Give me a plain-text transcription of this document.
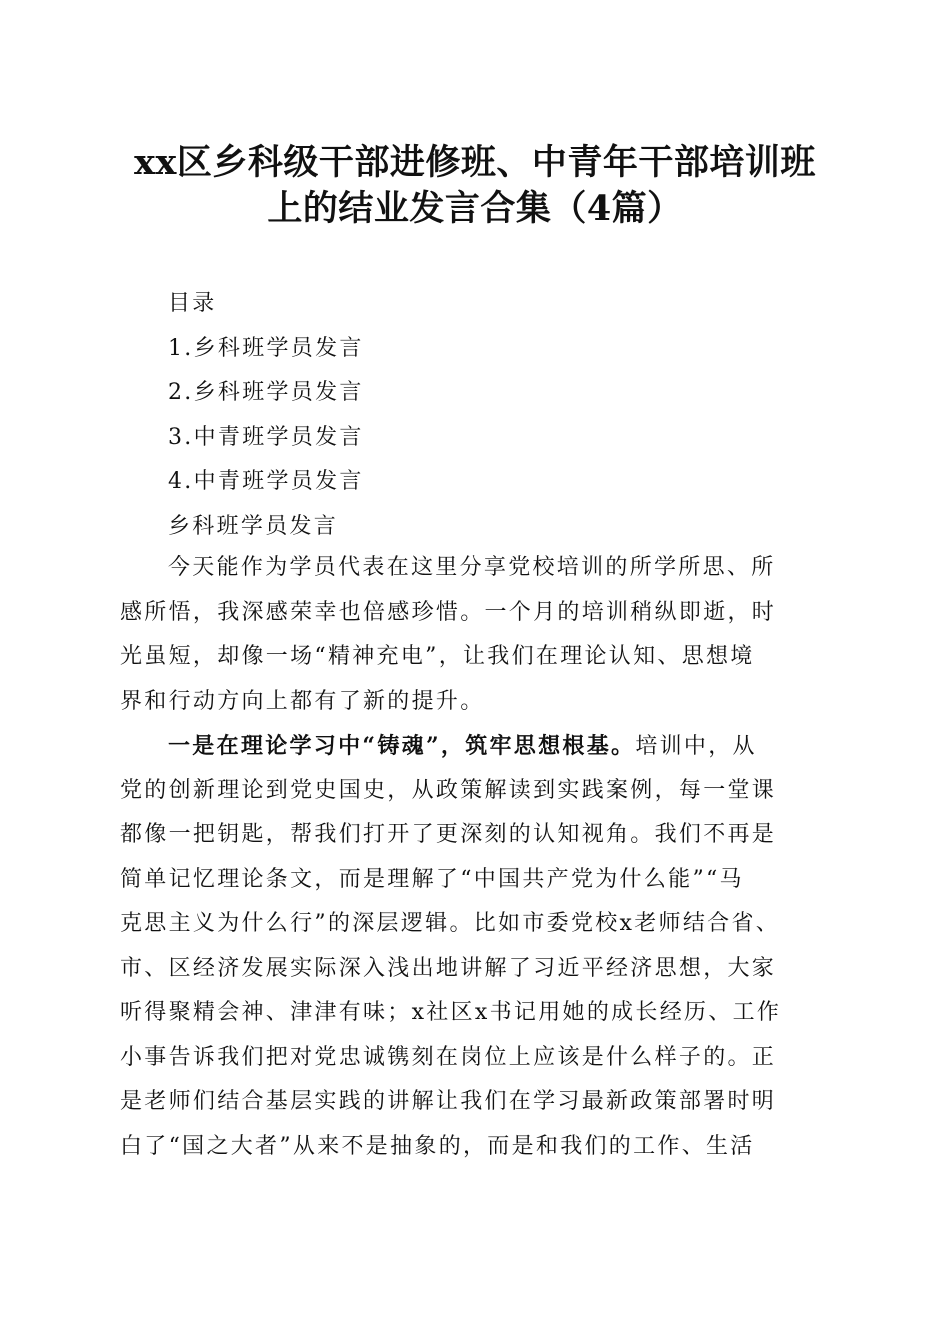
xx区乡科级干部进修班、中青年干部培训班
上的结业发言合集（4篇）
目录
1.乡科班学员发言
2.乡科班学员发言
3.中青班学员发言
4.中青班学员发言
乡科班学员发言
今天能作为学员代表在这里分享党校培训的所学所思、所
感所悟，我深感荣幸也倍感珍惜。一个月的培训稍纵即逝，时
光虽短，却像一场“精神充电”，让我们在理论认知、思想境
界和行动方向上都有了新的提升。
一是在理论学习中“铸魂”，筑牢思想根基。培训中，从
党的创新理论到党史国史，从政策解读到实践案例，每一堂课
都像一把钥匙，帮我们打开了更深刻的认知视角。我们不再是
简单记忆理论条文，而是理解了“中国共产党为什么能”“马
克思主义为什么行”的深层逻辑。比如市委党校x老师结合省、
市、区经济发展实际深入浅出地讲解了习近平经济思想，大家
听得聚精会神、津津有味；x社区x书记用她的成长经历、工作
小事告诉我们把对党忠诚镌刻在岗位上应该是什么样子的。正
是老师们结合基层实践的讲解让我们在学习最新政策部署时明
白了“国之大者”从来不是抽象的，而是和我们的工作、生活
